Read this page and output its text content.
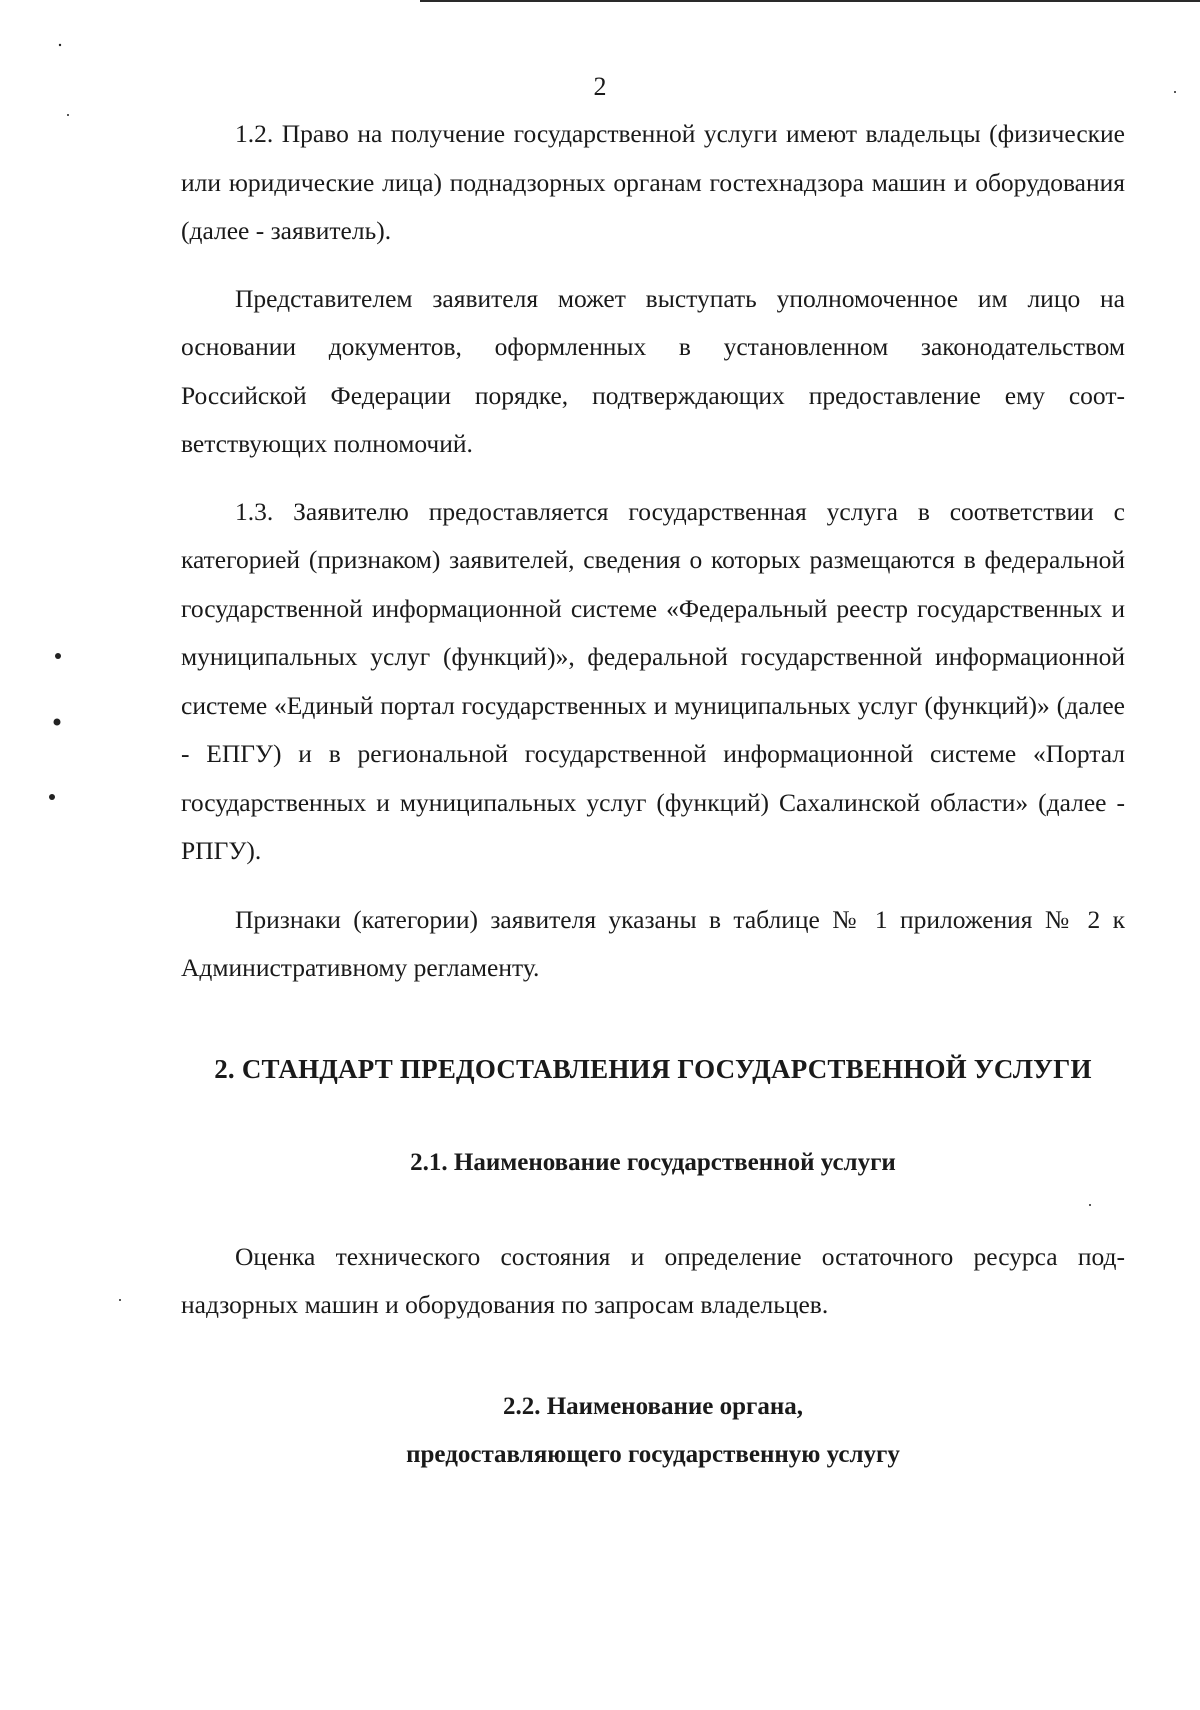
2

1.2. Право на получение государственной услуги имеют владельцы (физические или юридические лица) поднадзорных органам гостехнадзора машин и оборудования (далее - заявитель).

Представителем заявителя может выступать уполномоченное им лицо на основании документов, оформленных в установленном законодательством Российской Федерации порядке, подтверждающих предоставление ему соответствующих полномочий.

1.3. Заявителю предоставляется государственная услуга в соответствии с категорией (признаком) заявителей, сведения о которых размещаются в федеральной государственной информационной системе «Федеральный реестр государственных и муниципальных услуг (функций)», федеральной государственной информационной системе «Единый портал государственных и муниципальных услуг (функций)» (далее - ЕПГУ) и в региональной государственной информационной системе «Портал государственных и муниципальных услуг (функций) Сахалинской области» (далее - РПГУ).

Признаки (категории) заявителя указаны в таблице № 1 приложения № 2 к Административному регламенту.

2. СТАНДАРТ ПРЕДОСТАВЛЕНИЯ ГОСУДАРСТВЕННОЙ УСЛУГИ
2.1. Наименование государственной услуги

Оценка технического состояния и определение остаточного ресурса поднадзорных машин и оборудования по запросам владельцев.

2.2. Наименование органа,
предоставляющего государственную услугу
